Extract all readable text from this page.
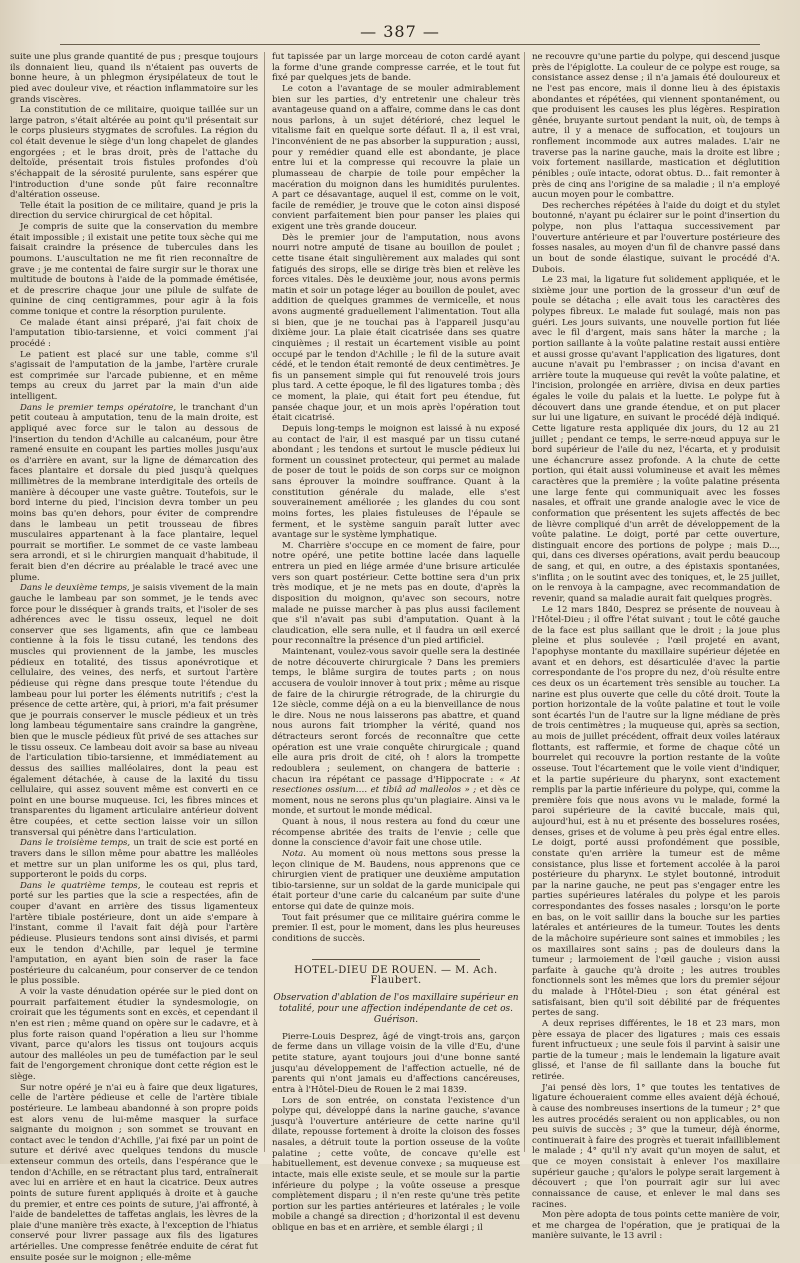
— 387 —

suite une plus grande quantité de pus ; presque toujours ils donnaient lieu, quand ils n'étaient pas ouverts de bonne heure, à un phlegmon érysipélateux de tout le pied avec douleur vive, et réaction inflammatoire sur les grands viscères.

La constitution de ce militaire, quoique taillée sur un large patron, s'était altérée au point qu'il présentait sur le corps plusieurs stygmates de scrofules. La région du col était devenue le siège d'un long chapelet de glandes engorgées ; et le bras droit, près de l'attache du deltoïde, présentait trois fistules profondes d'où s'échappait de la sérosité purulente, sans espérer que l'introduction d'une sonde pût faire reconnaître d'altération osseuse.

Telle était la position de ce militaire, quand je pris la direction du service chirurgical de cet hôpital.

Je compris de suite que la conservation du membre était impossible ; il existait une petite toux sèche qui me faisait craindre la présence de tubercules dans les poumons. L'auscultation ne me fit rien reconnaître de grave ; je me contentai de faire surgir sur le thorax une multitude de boutons à l'aide de la pommade émétisée, et de prescrire chaque jour une pilule de sulfate de quinine de cinq centigrammes, pour agir à la fois comme tonique et contre la résorption purulente.

Ce malade étant ainsi préparé, j'ai fait choix de l'amputation tibio-tarsienne, et voici comment j'ai procédé :

Le patient est placé sur une table, comme s'il s'agissait de l'amputation de la jambe, l'artère crurale est comprimée sur l'arcade pubienne, et en même temps au creux du jarret par la main d'un aide intelligent.

Dans le premier temps opératoire, le tranchant d'un petit couteau à amputation, tenu de la main droite, est appliqué avec force sur le talon au dessous de l'insertion du tendon d'Achille au calcanéum, pour être ramené ensuite en coupant les parties molles jusqu'aux os d'arrière en avant, sur la ligne de démarcation des faces plantaire et dorsale du pied jusqu'à quelques millimètres de la membrane interdigitale des orteils de manière à découper une vaste guêtre. Toutefois, sur le bord interne du pied, l'incision devra tomber un peu moins bas qu'en dehors, pour éviter de comprendre dans le lambeau un petit trousseau de fibres musculaires appartenant à la face plantaire, lequel pourrait se mortifier. Le sommet de ce vaste lambeau sera arrondi, et si le chirurgien manquait d'habitude, il ferait bien d'en décrire au préalable le tracé avec une plume.

Dans le deuxième temps, je saisis vivement de la main gauche le lambeau par son sommet, je le tends avec force pour le disséquer à grands traits, et l'isoler de ses adhérences avec le tissu osseux, lequel ne doit conserver que ses ligaments, afin que ce lambeau contienne à la fois le tissu cutané, les tendons des muscles qui proviennent de la jambe, les muscles pédieux en totalité, des tissus aponévrotique et cellulaire, des veines, des nerfs, et surtout l'artère pédieuse qui règne dans presque toute l'étendue du lambeau pour lui porter les éléments nutritifs ; c'est la présence de cette artère, qui, à priori, m'a fait présumer que je pourrais conserver le muscle pédieux et un très long lambeau tégumentaire sans craindre la gangrène, bien que le muscle pédieux fût privé de ses attaches sur le tissu osseux. Ce lambeau doit avoir sa base au niveau de l'articulation tibio-tarsienne, et immédiatement au dessus des saillies malléolaires, dont la peau est également détachée, à cause de la laxité du tissu cellulaire, qui assez souvent même est converti en ce point en une bourse muqueuse. Ici, les fibres minces et transparentes du ligament articulaire antérieur doivent être coupées, et cette section laisse voir un sillon transversal qui pénètre dans l'articulation.

Dans le troisième temps, un trait de scie est porté en travers dans le sillon même pour abattre les malléoles et mettre sur un plan uniforme les os qui, plus tard, supporteront le poids du corps.

Dans le quatrième temps, le couteau est repris et porté sur les parties que la scie a respectées, afin de couper d'avant en arrière des tissus ligamenteux l'artère tibiale postérieure, dont un aide s'empare à l'instant, comme il l'avait fait déjà pour l'artère pédieuse. Plusieurs tendons sont ainsi divisés, et parmi eux le tendon d'Achille, par lequel je termine l'amputation, en ayant bien soin de raser la face postérieure du calcanéum, pour conserver de ce tendon le plus possible.

A voir la vaste dénudation opérée sur le pied dont on pourrait parfaitement étudier la syndesmologie, on croirait que les téguments sont en excès, et cependant il n'en est rien ; même quand on opère sur le cadavre, et à plus forte raison quand l'opération a lieu sur l'homme vivant, parce qu'alors les tissus ont toujours acquis autour des malléoles un peu de tuméfaction par le seul fait de l'engorgement chronique dont cette région est le siège.

Sur notre opéré je n'ai eu à faire que deux ligatures, celle de l'artère pédieuse et celle de l'artère tibiale postérieure. Le lambeau abandonné à son propre poids est alors venu de lui-même masquer la surface saignante du moignon ; son sommet se trouvant en contact avec le tendon d'Achille, j'ai fixé par un point de suture et dérivé avec quelques tendons du muscle extenseur commun des orteils, dans l'espérance que le tendon d'Achille, en se rétractant plus tard, entraînerait avec lui en arrière et en haut la cicatrice. Deux autres points de suture furent appliqués à droite et à gauche du premier, et entre ces points de suture, j'ai affronté, à l'aide de bandelettes de taffetas anglais, les lèvres de la plaie d'une manière très exacte, à l'exception de l'hiatus conservé pour livrer passage aux fils des ligatures artérielles. Une compresse fenêtrée enduite de cérat fut ensuite posée sur le moignon ; elle-même

fut tapissée par un large morceau de coton cardé ayant la forme d'une grande compresse carrée, et le tout fut fixé par quelques jets de bande.

Le coton a l'avantage de se mouler admirablement bien sur les parties, d'y entretenir une chaleur très avantageuse quand on a affaire, comme dans le cas dont nous parlons, à un sujet détérioré, chez lequel le vitalisme fait en quelque sorte défaut. Il a, il est vrai, l'inconvénient de ne pas absorber la suppuration ; aussi, pour y remédier quand elle est abondante, je place entre lui et la compresse qui recouvre la plaie un plumasseau de charpie de toile pour empêcher la macération du moignon dans les humidités purulentes. A part ce désavantage, auquel il est, comme on le voit, facile de remédier, je trouve que le coton ainsi disposé convient parfaitement bien pour panser les plaies qui exigent une très grande douceur.

Dès le premier jour de l'amputation, nous avons nourri notre amputé de tisane au bouillon de poulet ; cette tisane était singulièrement aux malades qui sont fatigués des sirops, elle se dirige très bien et relève les forces vitales. Dès le deuxième jour, nous avons permis matin et soir un potage léger au bouillon de poulet, avec addition de quelques grammes de vermicelle, et nous avons augmenté graduellement l'alimentation. Tout alla si bien, que je ne touchai pas à l'appareil jusqu'au dixième jour. La plaie était cicatrisée dans ses quatre cinquièmes ; il restait un écartement visible au point occupé par le tendon d'Achille ; le fil de la suture avait cédé, et le tendon était remonté de deux centimètres. Je fis un pansement simple qui fut renouvelé trois jours plus tard. A cette époque, le fil des ligatures tomba ; dès ce moment, la plaie, qui était fort peu étendue, fut pansée chaque jour, et un mois après l'opération tout était cicatrisé.

Depuis long-temps le moignon est laissé à nu exposé au contact de l'air, il est masqué par un tissu cutané abondant ; les tendons et surtout le muscle pédieux lui forment un coussinet protecteur, qui permet au malade de poser de tout le poids de son corps sur ce moignon sans éprouver la moindre souffrance. Quant à la constitution générale du malade, elle s'est souverainement améliorée ; les glandes du cou sont moins fortes, les plaies fistuleuses de l'épaule se ferment, et le système sanguin paraît lutter avec avantage sur le système lymphatique.

M. Charrière s'occupe en ce moment de faire, pour notre opéré, une petite bottine lacée dans laquelle entrera un pied en liége armée d'une brisure articulée vers son quart postérieur. Cette bottine sera d'un prix très modique, et je ne mets pas en doute, d'après la disposition du moignon, qu'avec son secours, notre malade ne puisse marcher à pas plus aussi facilement que s'il n'avait pas subi d'amputation. Quant à la claudication, elle sera nulle, et il faudra un œil exercé pour reconnaître la présence d'un pied artificiel.

Maintenant, voulez-vous savoir quelle sera la destinée de notre découverte chirurgicale ? Dans les premiers temps, le blâme surgira de toutes parts ; on nous accusera de vouloir innover à tout prix ; même au risque de faire de la chirurgie rétrograde, de la chirurgie du 12e siècle, comme déjà on a eu la bienveillance de nous le dire. Nous ne nous laisserons pas abattre, et quand nous aurons fait triompher la vérité, quand nos détracteurs seront forcés de reconnaître que cette opération est une vraie conquête chirurgicale ; quand elle aura pris droit de cité, oh ! alors la trompette redoublera ; seulement, on changera de batterie : chacun ira répétant ce passage d'Hippocrate : « At resectiones ossium…. et tibiâ ad malleolos » ; et dès ce moment, nous ne serons plus qu'un plagiaire. Ainsi va le monde, et surtout le monde médical.

Quant à nous, il nous restera au fond du cœur une récompense abritée des traits de l'envie ; celle que donne la conscience d'avoir fait une chose utile.

Nota. Au moment où nous mettons sous presse la leçon clinique de M. Baudens, nous apprenons que ce chirurgien vient de pratiquer une deuxième amputation tibio-tarsienne, sur un soldat de la garde municipale qui était porteur d'une carie du calcanéum par suite d'une entorse qui date de quinze mois.

Tout fait présumer que ce militaire guérira comme le premier. Il est, pour le moment, dans les plus heureuses conditions de succès.

HOTEL-DIEU DE ROUEN. — M. Ach. Flaubert.
Observation d'ablation de l'os maxillaire supérieur en totalité, pour une affection indépendante de cet os. Guérison.

Pierre-Louis Desprez, âgé de vingt-trois ans, garçon de ferme dans un village voisin de la ville d'Eu, d'une petite stature, ayant toujours joui d'une bonne santé jusqu'au développement de l'affection actuelle, né de parents qui n'ont jamais eu d'affections cancéreuses, entra à l'Hôtel-Dieu de Rouen le 2 mai 1839.

Lors de son entrée, on constata l'existence d'un polype qui, développé dans la narine gauche, s'avance jusqu'à l'ouverture antérieure de cette narine qu'il dilate, repousse fortement à droite la cloison des fosses nasales, a détruit toute la portion osseuse de la voûte palatine ; cette voûte, de concave qu'elle est habituellement, est devenue convexe ; sa muqueuse est intacte, mais elle existe seule, et se moule sur la partie inférieure du polype ; la voûte osseuse a presque complètement disparu ; il n'en reste qu'une très petite portion sur les parties antérieures et latérales ; le voile mobile a changé sa direction ; d'horizontal il est devenu oblique en bas et en arrière, et semble élargi ; il

ne recouvre qu'une partie du polype, qui descend jusque près de l'épiglotte. La couleur de ce polype est rouge, sa consistance assez dense ; il n'a jamais été douloureux et ne l'est pas encore, mais il donne lieu à des épistaxis abondantes et répétées, qui viennent spontanément, ou que produisent les causes les plus légères. Respiration gênée, bruyante surtout pendant la nuit, où, de temps à autre, il y a menace de suffocation, et toujours un ronflement incommode aux autres malades. L'air ne traverse pas la narine gauche, mais la droite est libre ; voix fortement nasillarde, mastication et déglutition pénibles ; ouïe intacte, odorat obtus. D... fait remonter à près de cinq ans l'origine de sa maladie ; il n'a employé aucun moyen pour le combattre.

Des recherches répétées à l'aide du doigt et du stylet boutonné, n'ayant pu éclairer sur le point d'insertion du polype, non plus l'attaqua successivement par l'ouverture antérieure et par l'ouverture postérieure des fosses nasales, au moyen d'un fil de chanvre passé dans un bout de sonde élastique, suivant le procédé d'A. Dubois.

Le 23 mai, la ligature fut solidement appliquée, et le sixième jour une portion de la grosseur d'un œuf de poule se détacha ; elle avait tous les caractères des polypes fibreux. Le malade fut soulagé, mais non pas guéri. Les jours suivants, une nouvelle portion fut liée avec le fil d'argent, mais sans hâter la marche ; la portion saillante à la voûte palatine restait aussi entière et aussi grosse qu'avant l'application des ligatures, dont aucune n'avait pu l'embrasser ; on incisa d'avant en arrière toute la muqueuse qui revêt la voûte palatine, et l'incision, prolongée en arrière, divisa en deux parties égales le voile du palais et la luette. Le polype fut à découvert dans une grande étendue, et on put placer sur lui une ligature, en suivant le procédé déjà indiqué. Cette ligature resta appliquée dix jours, du 12 au 21 juillet ; pendant ce temps, le serre-nœud appuya sur le bord supérieur de l'aile du nez, l'écarta, et y produisit une échancrure assez profonde. A la chute de cette portion, qui était aussi volumineuse et avait les mêmes caractères que la première ; la voûte palatine présenta une large fente qui communiquait avec les fosses nasales, et offrait une grande analogie avec le vice de conformation que présentent les sujets affectés de bec de lièvre compliqué d'un arrêt de développement de la voûte palatine. Le doigt, porté par cette ouverture, distinguait encore des portions de polype ; mais D..., qui, dans ces diverses opérations, avait perdu beaucoup de sang, et qui, en outre, a des épistaxis spontanées, s'inflita ; on le soutint avec des toniques, et, le 25 juillet, on le renvoya à la campagne, avec recommandation de revenir, quand sa maladie aurait fait quelques progrès.

Le 12 mars 1840, Desprez se présente de nouveau à l'Hôtel-Dieu ; il offre l'état suivant ; tout le côté gauche de la face est plus saillant que le droit ; la joue plus pleine et plus soulevée ; l'œil projeté en avant, l'apophyse montante du maxillaire supérieur déjetée en avant et en dehors, est désarticulée d'avec la partie correspondante de l'os propre du nez, d'où résulte entre ces deux os un écartement très sensible au toucher. La narine est plus ouverte que celle du côté droit. Toute la portion horizontale de la voûte palatine et tout le voile sont écartés l'un de l'autre sur la ligne médiane de près de trois centimètres ; la muqueuse qui, après sa section, au mois de juillet précédent, offrait deux voiles latéraux flottants, est raffermie, et forme de chaque côté un bourrelet qui recouvre la portion restante de la voûte osseuse. Tout l'écartement que le voile vient d'indiquer, et la partie supérieure du pharynx, sont exactement remplis par la partie inférieure du polype, qui, comme la première fois que nous avons vu le malade, formé la paroi supérieure de la cavité buccale, mais qui, aujourd'hui, est à nu et présente des bosselures rosées, denses, grises et de volume à peu près égal entre elles. Le doigt, porté aussi profondément que possible, constate qu'en arrière la tumeur est de même consistance, plus lisse et fortement accolée à la paroi postérieure du pharynx. Le stylet boutonné, introduit par la narine gauche, ne peut pas s'engager entre les parties supérieures latérales du polype et les parois correspondantes des fosses nasales ; lorsqu'on le porte en bas, on le voit saillir dans la bouche sur les parties latérales et antérieures de la tumeur. Toutes les dents de la mâchoire supérieure sont saines et immobiles ; les os maxillaires sont sains ; pas de douleurs dans la tumeur ; larmoiement de l'œil gauche ; vision aussi parfaite à gauche qu'à droite ; les autres troubles fonctionnels sont les mêmes que lors du premier séjour du malade à l'Hôtel-Dieu ; son état général est satisfaisant, bien qu'il soit débilité par de fréquentes pertes de sang.

A deux reprises différentes, le 18 et 23 mars, mon père essaya de placer des ligatures ; mais ces essais furent infructueux ; une seule fois il parvint à saisir une partie de la tumeur ; mais le lendemain la ligature avait glissé, et l'anse de fil saillante dans la bouche fut retirée.

J'ai pensé dès lors, 1° que toutes les tentatives de ligature échoueraient comme elles avaient déjà échoué, à cause des nombreuses insertions de la tumeur ; 2° que les autres procédés seraient ou non applicables, ou non peu suivis de succès ; 3° que la tumeur, déjà énorme, continuerait à faire des progrès et tuerait infailliblement le malade ; 4° qu'il n'y avait qu'un moyen de salut, et que ce moyen consistait à enlever l'os maxillaire supérieur gauche ; qu'alors le polype serait largement à découvert ; que l'on pourrait agir sur lui avec connaissance de cause, et enlever le mal dans ses racines.

Mon père adopta de tous points cette manière de voir, et me chargea de l'opération, que je pratiquai de la manière suivante, le 13 avril :
